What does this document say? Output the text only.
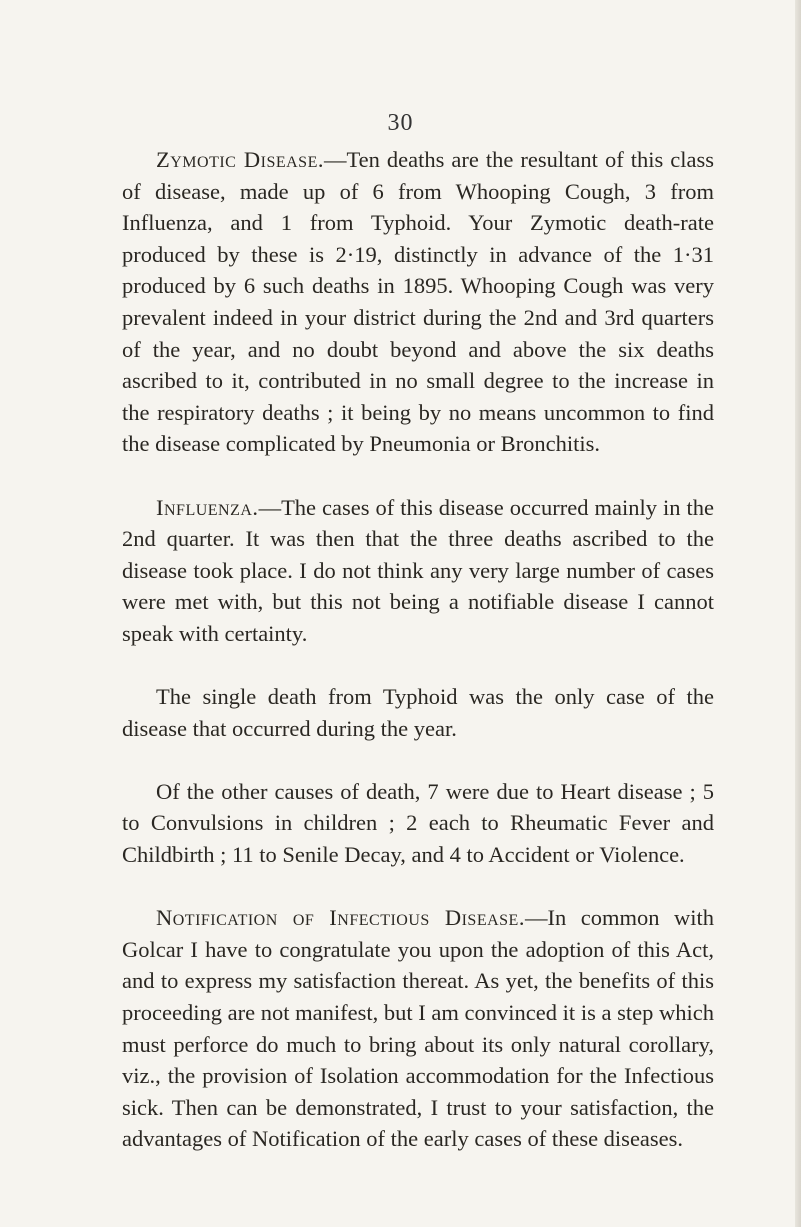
30

Zymotic Disease.—Ten deaths are the resultant of this class of disease, made up of 6 from Whooping Cough, 3 from Influenza, and 1 from Typhoid. Your Zymotic death-rate produced by these is 2·19, distinctly in advance of the 1·31 produced by 6 such deaths in 1895. Whooping Cough was very prevalent indeed in your district during the 2nd and 3rd quarters of the year, and no doubt beyond and above the six deaths ascribed to it, contributed in no small degree to the increase in the respiratory deaths ; it being by no means uncommon to find the disease complicated by Pneumonia or Bronchitis.

Influenza.—The cases of this disease occurred mainly in the 2nd quarter. It was then that the three deaths ascribed to the disease took place. I do not think any very large number of cases were met with, but this not being a notifiable disease I cannot speak with certainty.

The single death from Typhoid was the only case of the disease that occurred during the year.

Of the other causes of death, 7 were due to Heart disease ; 5 to Convulsions in children ; 2 each to Rheumatic Fever and Childbirth ; 11 to Senile Decay, and 4 to Accident or Violence.

Notification of Infectious Disease.—In common with Golcar I have to congratulate you upon the adoption of this Act, and to express my satisfaction thereat. As yet, the benefits of this proceeding are not manifest, but I am convinced it is a step which must perforce do much to bring about its only natural corollary, viz., the provision of Isolation accommodation for the Infectious sick. Then can be demonstrated, I trust to your satisfaction, the advantages of Notification of the early cases of these diseases.
